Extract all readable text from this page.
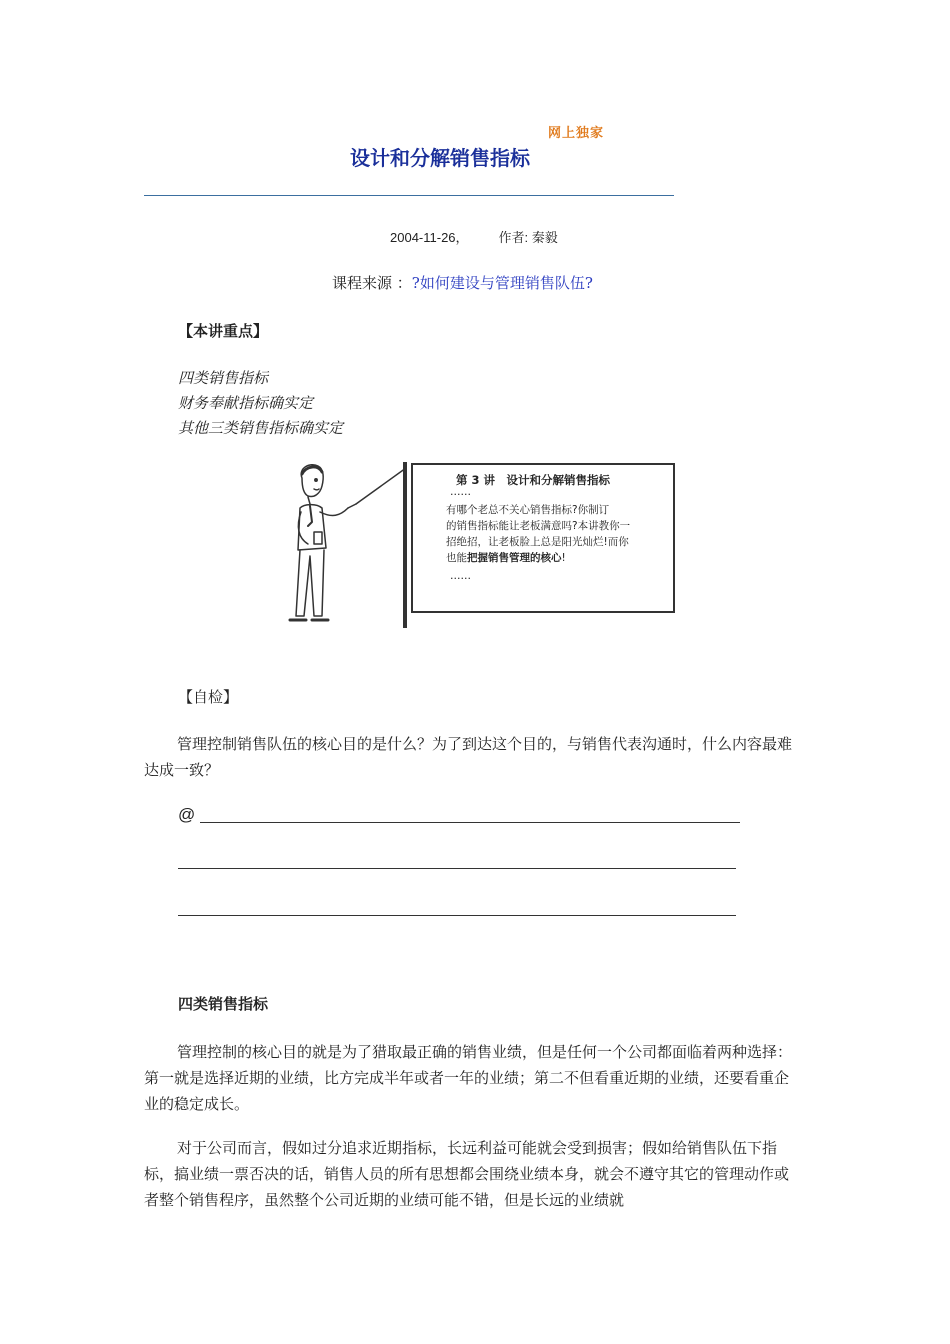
网上独家
设计和分解销售指标
2004-11-26， 作者: 秦毅
课程来源 ：?如何建设与管理销售队伍?
【本讲重点】
四类销售指标
财务奉献指标确实定
其他三类销售指标确实定
第 3 讲　设计和分解销售指标
······
有哪个老总不关心销售指标?你制订
的销售指标能让老板满意吗?本讲教你一
招绝招，让老板脸上总是阳光灿烂!而你
也能把握销售管理的核心!
······
【自检】

管理控制销售队伍的核心目的是什么？为了到达这个目的，与销售代表沟通时，什么内容最难达成一致？

@
四类销售指标

管理控制的核心目的就是为了猎取最正确的销售业绩，但是任何一个公司都面临着两种选择：第一就是选择近期的业绩，比方完成半年或者一年的业绩；第二不但看重近期的业绩，还要看重企业的稳定成长。

对于公司而言，假如过分追求近期指标，长远利益可能就会受到损害；假如给销售队伍下指标，搞业绩一票否决的话，销售人员的所有思想都会围绕业绩本身，就会不遵守其它的管理动作或者整个销售程序，虽然整个公司近期的业绩可能不错，但是长远的业绩就
